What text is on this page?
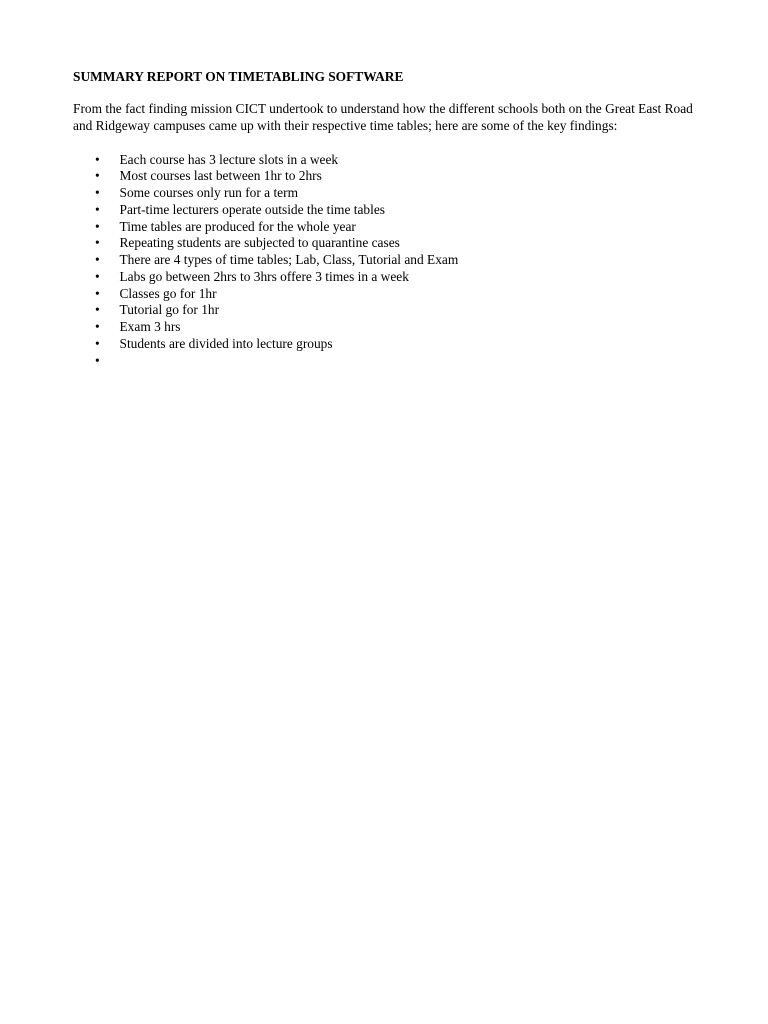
SUMMARY REPORT ON TIMETABLING SOFTWARE

From the fact finding mission CICT undertook to understand how the different schools both on the Great East Road and Ridgeway campuses came up with their respective time tables; here are some of the key findings:

• Each course has 3 lecture slots in a week
• Most courses last between 1hr to 2hrs
• Some courses only run for a term
• Part-time lecturers operate outside the time tables
• Time tables are produced for the whole year
• Repeating students are subjected to quarantine cases
• There are 4 types of time tables; Lab, Class, Tutorial and Exam
• Labs go between 2hrs to 3hrs offere 3 times in a week
• Classes go for 1hr
• Tutorial go for 1hr
• Exam 3 hrs
• Students are divided into lecture groups
•
